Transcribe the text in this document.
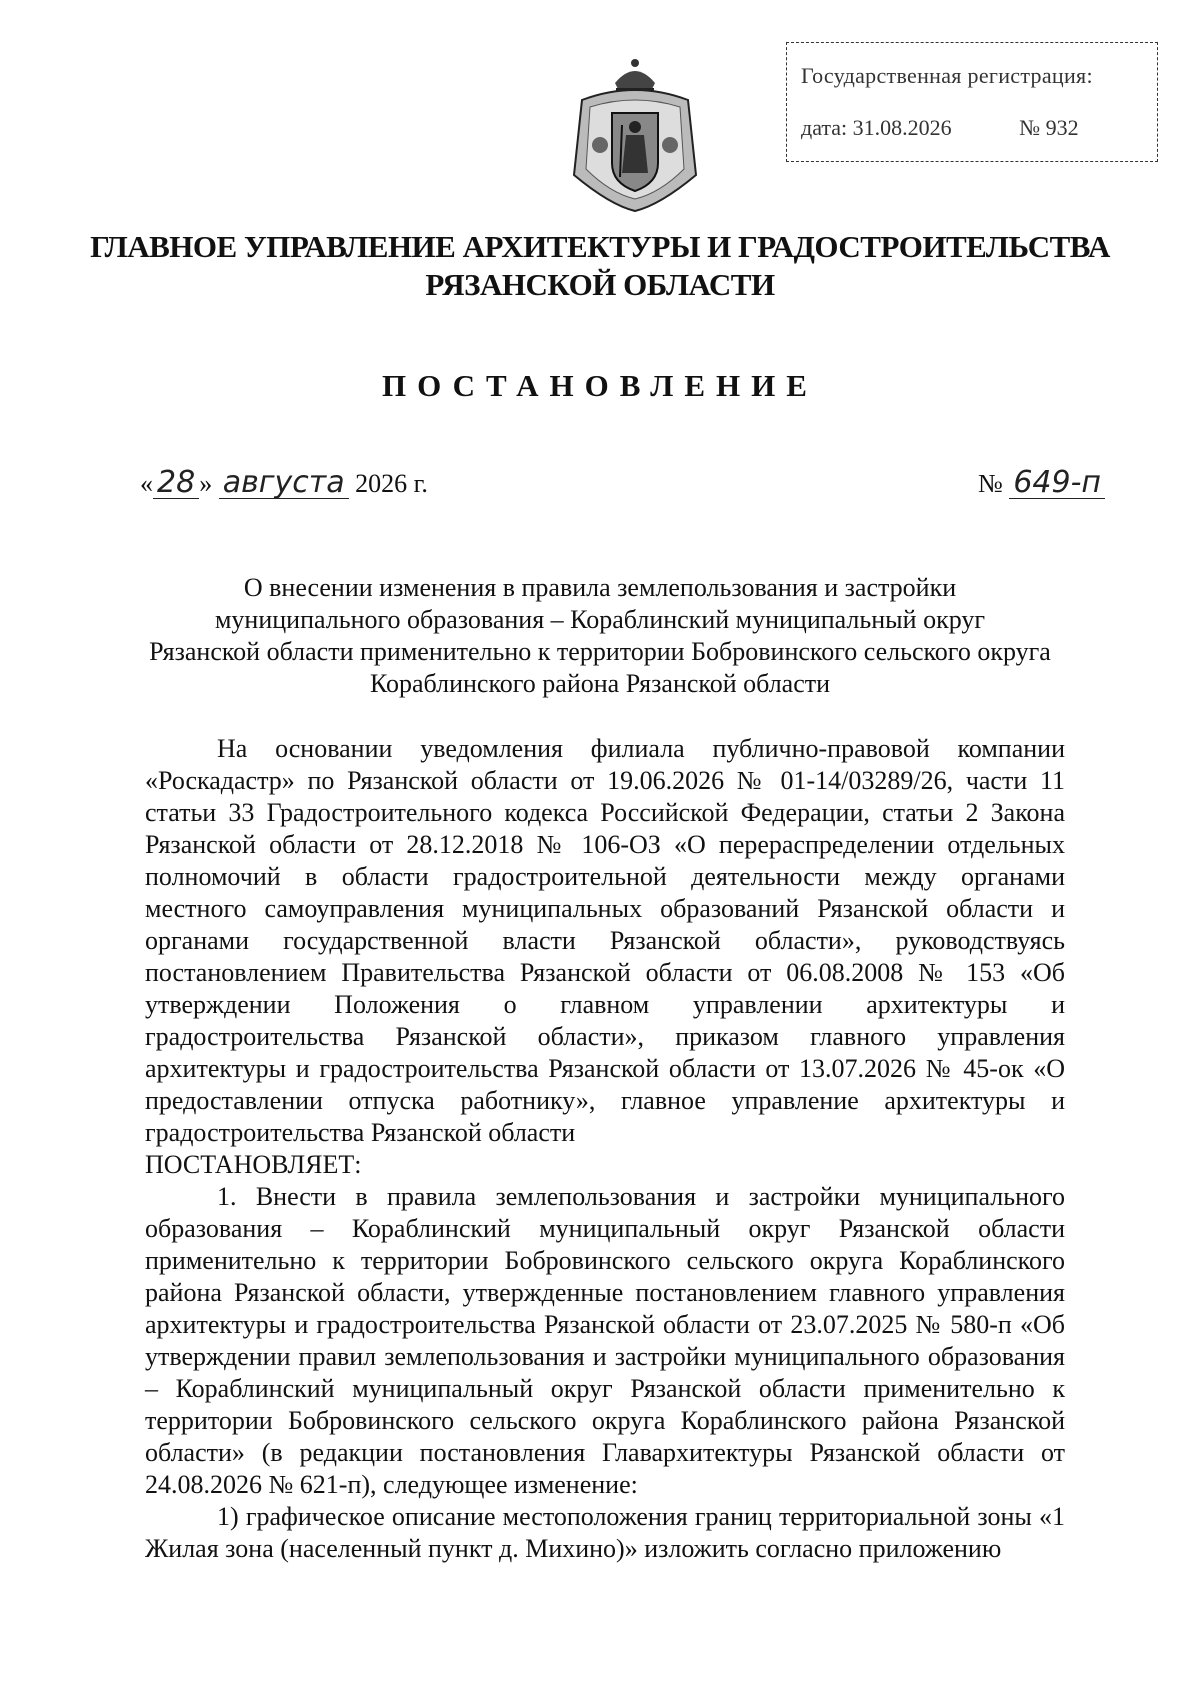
Государственная регистрация:
дата: 31.08.2026	№ 932
ГЛАВНОЕ УПРАВЛЕНИЕ АРХИТЕКТУРЫ И ГРАДОСТРОИТЕЛЬСТВА
РЯЗАНСКОЙ ОБЛАСТИ
ПОСТАНОВЛЕНИЕ
« 28 » августа 2026 г.	№ 649-п
О внесении изменения в правила землепользования и застройки
муниципального образования – Кораблинский муниципальный округ
Рязанской области применительно к территории Бобровинского сельского округа
Кораблинского района Рязанской области

На основании уведомления филиала публично-правовой компании «Роскадастр» по Рязанской области от 19.06.2026 № 01-14/03289/26, части 11 статьи 33 Градостроительного кодекса Российской Федерации, статьи 2 Закона Рязанской области от 28.12.2018 № 106-ОЗ «О перераспределении отдельных полномочий в области градостроительной деятельности между органами местного самоуправления муниципальных образований Рязанской области и органами государственной власти Рязанской области», руководствуясь постановлением Правительства Рязанской области от 06.08.2008 № 153 «Об утверждении Положения о главном управлении архитектуры и градостроительства Рязанской области», приказом главного управления архитектуры и градостроительства Рязанской области от 13.07.2026 № 45-ок «О предоставлении отпуска работнику», главное управление архитектуры и градостроительства Рязанской области

ПОСТАНОВЛЯЕТ:

1. Внести в правила землепользования и застройки муниципального образования – Кораблинский муниципальный округ Рязанской области применительно к территории Бобровинского сельского округа Кораблинского района Рязанской области, утвержденные постановлением главного управления архитектуры и градостроительства Рязанской области от 23.07.2025 № 580-п «Об утверждении правил землепользования и застройки муниципального образования – Кораблинский муниципальный округ Рязанской области применительно к территории Бобровинского сельского округа Кораблинского района Рязанской области» (в редакции постановления Главархитектуры Рязанской области от 24.08.2026 № 621-п), следующее изменение:

1) графическое описание местоположения границ территориальной зоны «1 Жилая зона (населенный пункт д. Михино)» изложить согласно приложению
